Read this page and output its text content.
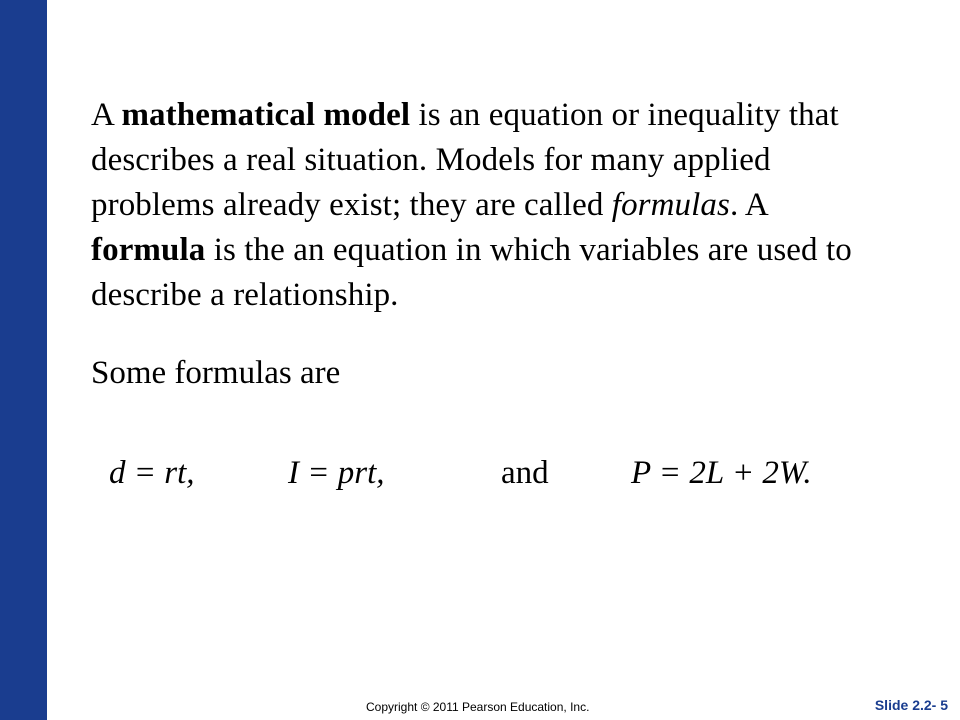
A mathematical model is an equation or inequality that describes a real situation. Models for many applied problems already exist; they are called formulas. A formula is the an equation in which variables are used to describe a relationship.

Some formulas are

d = rt,	I = prt,	and P = 2L + 2W.
Copyright © 2011 Pearson Education, Inc.	Slide 2.2- 5
